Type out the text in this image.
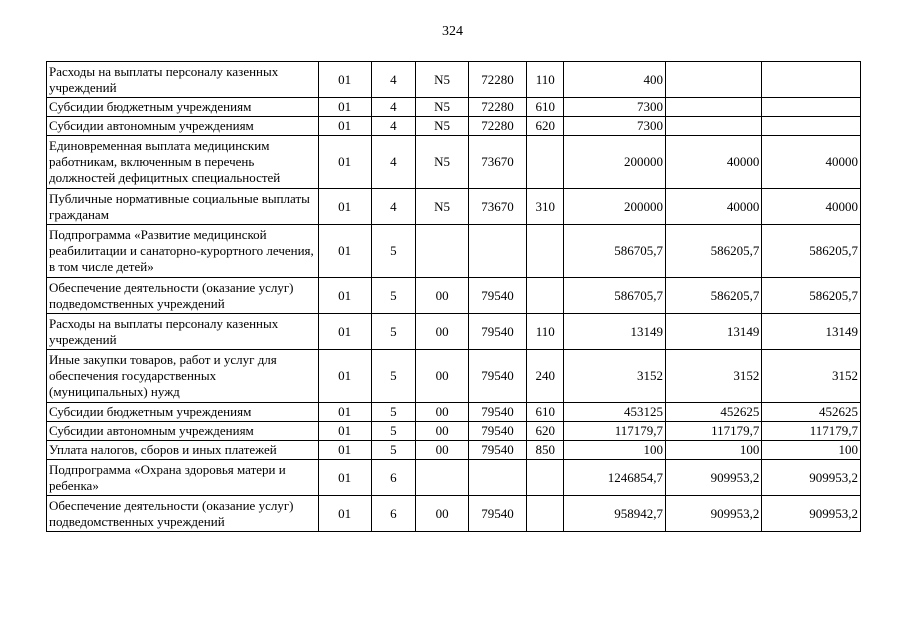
324
Расходы на выплаты персоналу казенных учреждений	01	4	N5	72280	110	400		
Субсидии бюджетным учреждениям	01	4	N5	72280	610	7300		
Субсидии автономным учреждениям	01	4	N5	72280	620	7300		
Единовременная выплата медицинским работникам, включенным в перечень должностей дефицитных специальностей	01	4	N5	73670		200000	40000	40000
Публичные нормативные социальные выплаты гражданам	01	4	N5	73670	310	200000	40000	40000
Подпрограмма «Развитие медицинской реабилитации и санаторно-курортного лечения, в том числе детей»	01	5				586705,7	586205,7	586205,7
Обеспечение деятельности (оказание услуг) подведомственных учреждений	01	5	00	79540		586705,7	586205,7	586205,7
Расходы на выплаты персоналу казенных учреждений	01	5	00	79540	110	13149	13149	13149
Иные закупки товаров, работ и услуг для обеспечения государственных (муниципальных) нужд	01	5	00	79540	240	3152	3152	3152
Субсидии бюджетным учреждениям	01	5	00	79540	610	453125	452625	452625
Субсидии автономным учреждениям	01	5	00	79540	620	117179,7	117179,7	117179,7
Уплата налогов, сборов и иных платежей	01	5	00	79540	850	100	100	100
Подпрограмма «Охрана здоровья матери и ребенка»	01	6				1246854,7	909953,2	909953,2
Обеспечение деятельности (оказание услуг) подведомственных учреждений	01	6	00	79540		958942,7	909953,2	909953,2
